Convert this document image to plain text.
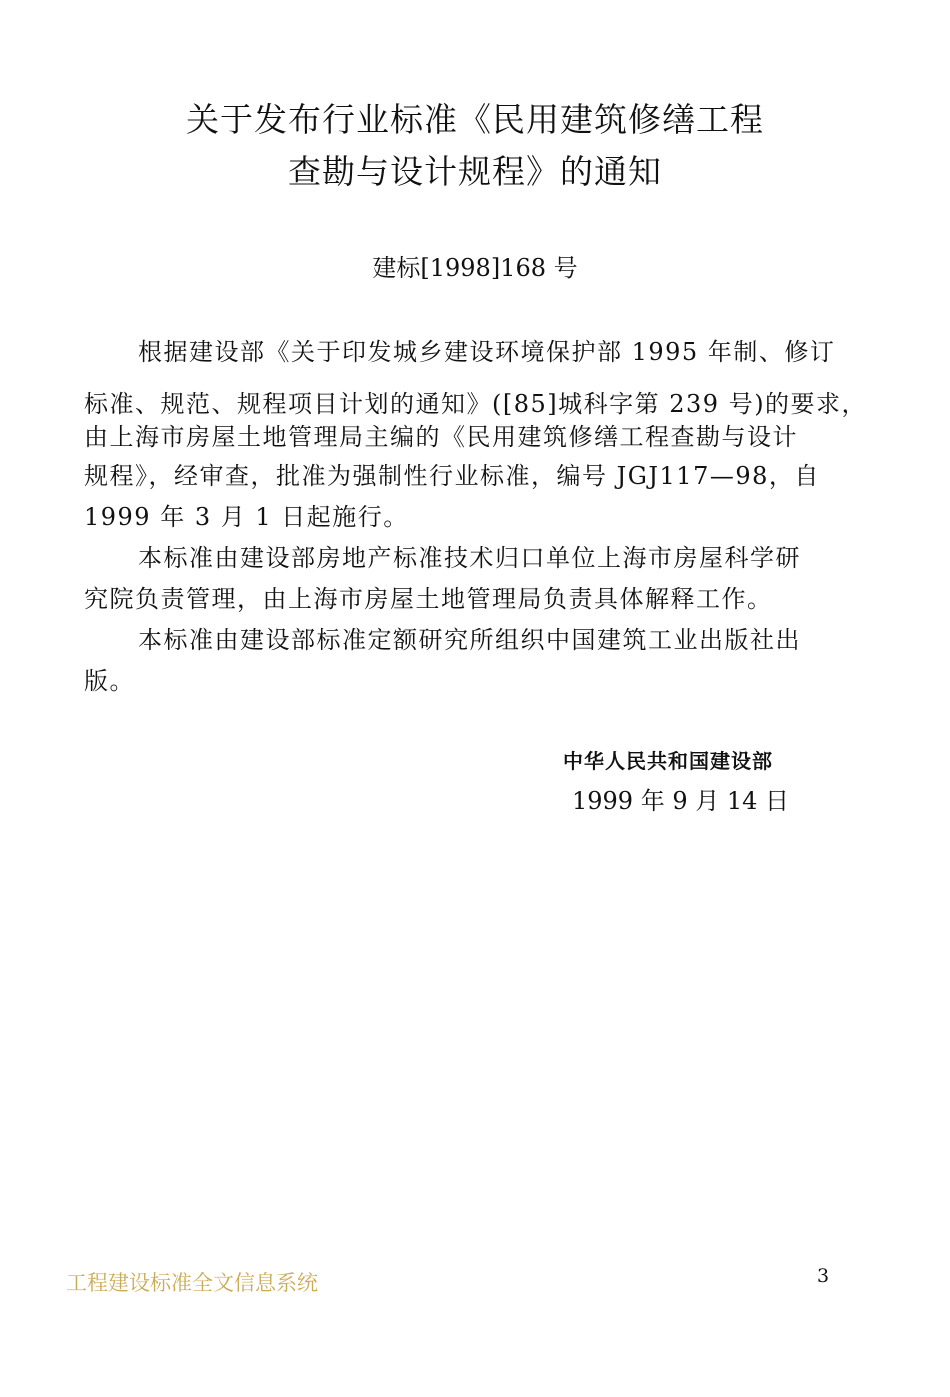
关于发布行业标准《民用建筑修缮工程
查勘与设计规程》的通知
建标[1998]168 号
根据建设部《关于印发城乡建设环境保护部 1995 年制、修订
标准、规范、规程项目计划的通知》([85]城科字第 239 号)的要求，
由上海市房屋土地管理局主编的《民用建筑修缮工程查勘与设计
规程》，经审查，批准为强制性行业标准，编号 JGJ117—98，自
1999 年 3 月 1 日起施行。
本标准由建设部房地产标准技术归口单位上海市房屋科学研
究院负责管理，由上海市房屋土地管理局负责具体解释工作。
本标准由建设部标准定额研究所组织中国建筑工业出版社出
版。
中华人民共和国建设部
1999 年 9 月 14 日
工程建设标准全文信息系统	3
